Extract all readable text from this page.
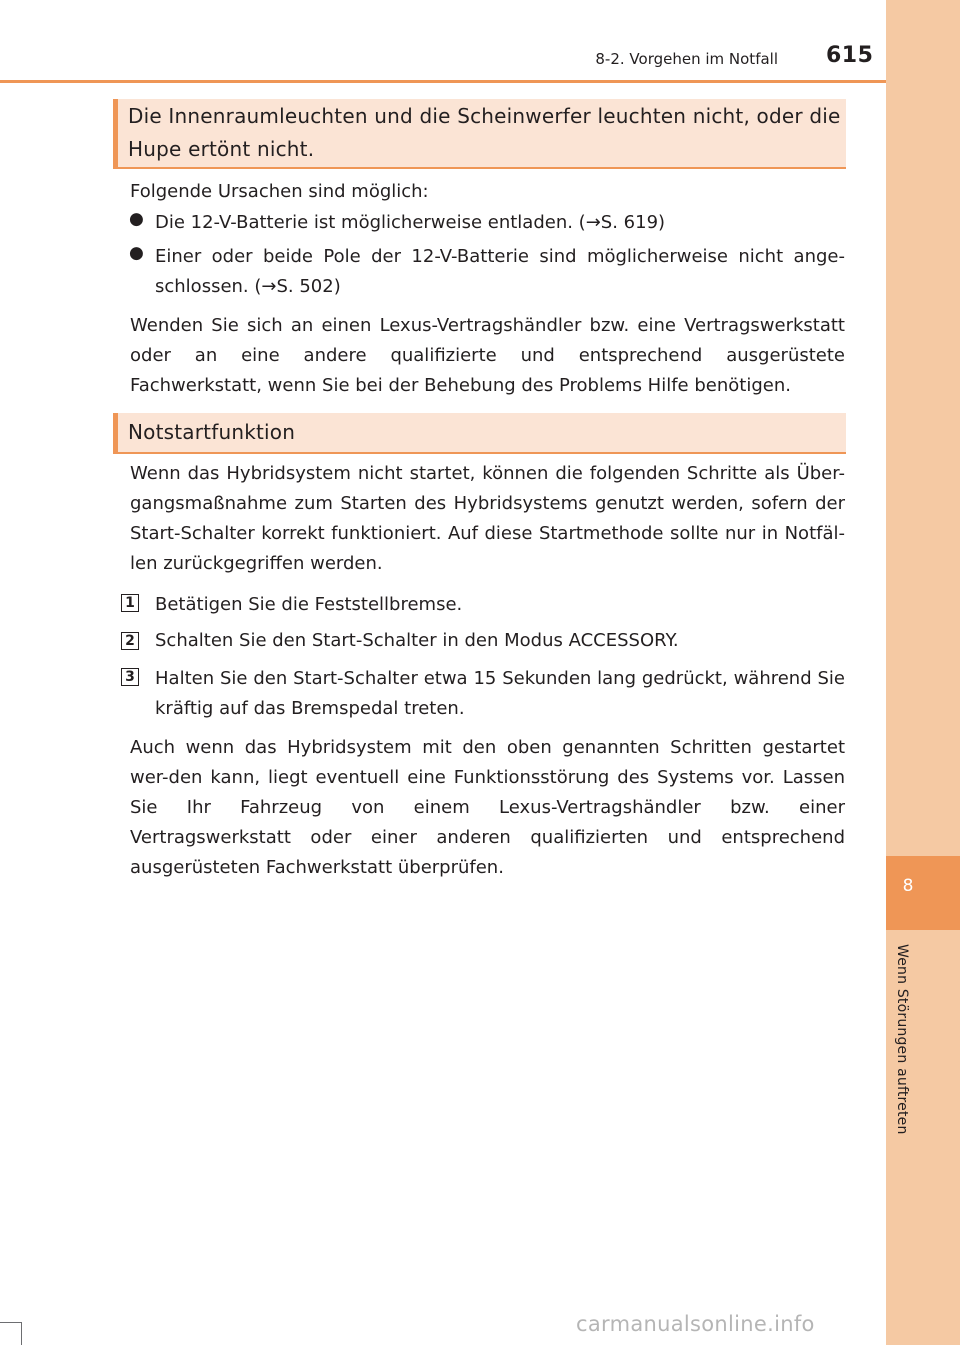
8
Wenn Störungen auftreten
8-2. Vorgehen im Notfall 615
Die Innenraumleuchten und die Scheinwerfer leuchten nicht, oder die Hupe ertönt nicht.

Folgende Ursachen sind möglich:

● Die 12-V-Batterie ist möglicherweise entladen. (→S. 619)

● Einer oder beide Pole der 12-V-Batterie sind möglicherweise nicht ange-schlossen. (→S. 502)

Wenden Sie sich an einen Lexus-Vertragshändler bzw. eine Vertragswerkstatt oder an eine andere qualifizierte und entsprechend ausgerüstete Fachwerkstatt, wenn Sie bei der Behebung des Problems Hilfe benötigen.

Notstartfunktion

Wenn das Hybridsystem nicht startet, können die folgenden Schritte als Über-gangsmaßnahme zum Starten des Hybridsystems genutzt werden, sofern der Start-Schalter korrekt funktioniert. Auf diese Startmethode sollte nur in Notfäl-len zurückgegriffen werden.

1 Betätigen Sie die Feststellbremse.

2 Schalten Sie den Start-Schalter in den Modus ACCESSORY.

3 Halten Sie den Start-Schalter etwa 15 Sekunden lang gedrückt, während Sie kräftig auf das Bremspedal treten.

Auch wenn das Hybridsystem mit den oben genannten Schritten gestartet wer-den kann, liegt eventuell eine Funktionsstörung des Systems vor. Lassen Sie Ihr Fahrzeug von einem Lexus-Vertragshändler bzw. einer Vertragswerkstatt oder einer anderen qualifizierten und entsprechend ausgerüsteten Fachwerkstatt überprüfen.

carmanualsonline.info
